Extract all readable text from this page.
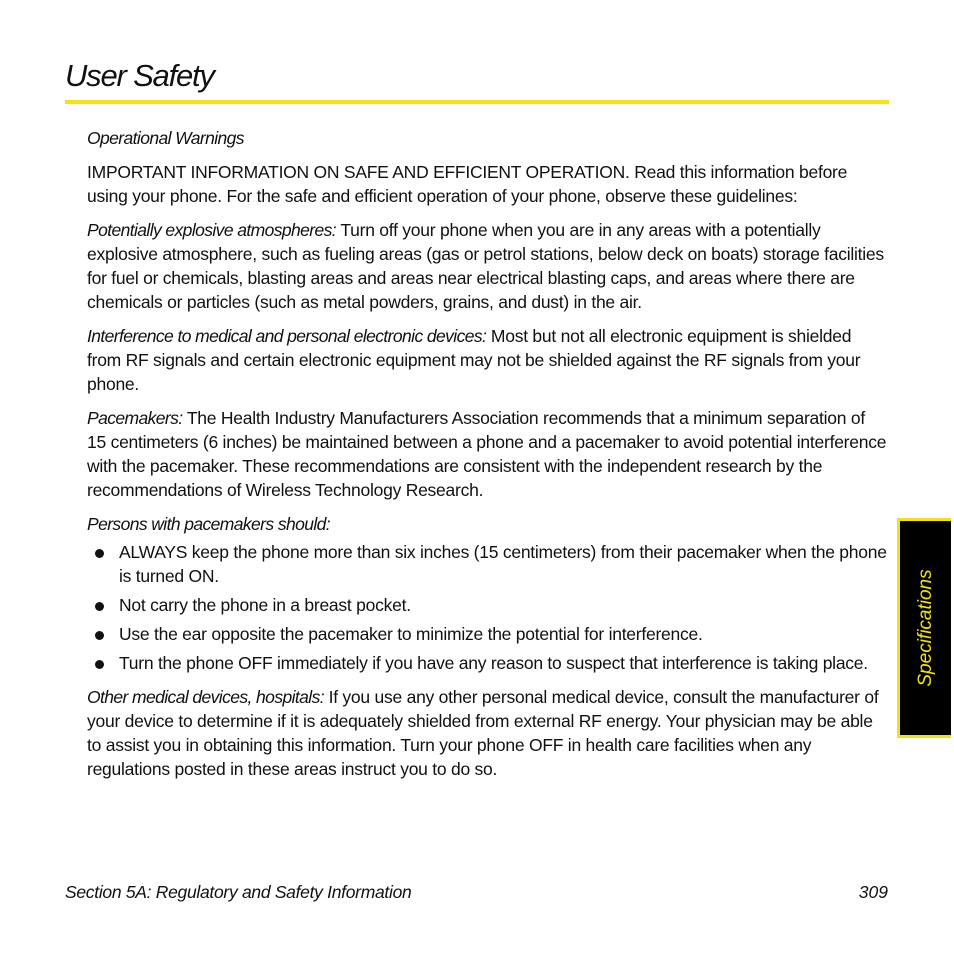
User Safety

Operational Warnings

IMPORTANT INFORMATION ON SAFE AND EFFICIENT OPERATION. Read this information before using your phone. For the safe and efficient operation of your phone, observe these guidelines:

Potentially explosive atmospheres: Turn off your phone when you are in any areas with a potentially explosive atmosphere, such as fueling areas (gas or petrol stations, below deck on boats) storage facilities for fuel or chemicals, blasting areas and areas near electrical blasting caps, and areas where there are chemicals or particles (such as metal powders, grains, and dust) in the air.

Interference to medical and personal electronic devices: Most but not all electronic equipment is shielded from RF signals and certain electronic equipment may not be shielded against the RF signals from your phone.

Pacemakers: The Health Industry Manufacturers Association recommends that a minimum separation of 15 centimeters (6 inches) be maintained between a phone and a pacemaker to avoid potential interference with the pacemaker. These recommendations are consistent with the independent research by the recommendations of Wireless Technology Research.

Persons with pacemakers should:

ALWAYS keep the phone more than six inches (15 centimeters) from their pacemaker when the phone is turned ON.
Not carry the phone in a breast pocket.
Use the ear opposite the pacemaker to minimize the potential for interference.
Turn the phone OFF immediately if you have any reason to suspect that interference is taking place.

Other medical devices, hospitals: If you use any other personal medical device, consult the manufacturer of your device to determine if it is adequately shielded from external RF energy. Your physician may be able to assist you in obtaining this information. Turn your phone OFF in health care facilities when any regulations posted in these areas instruct you to do so.

Section 5A: Regulatory and Safety Information	309
Specifications
